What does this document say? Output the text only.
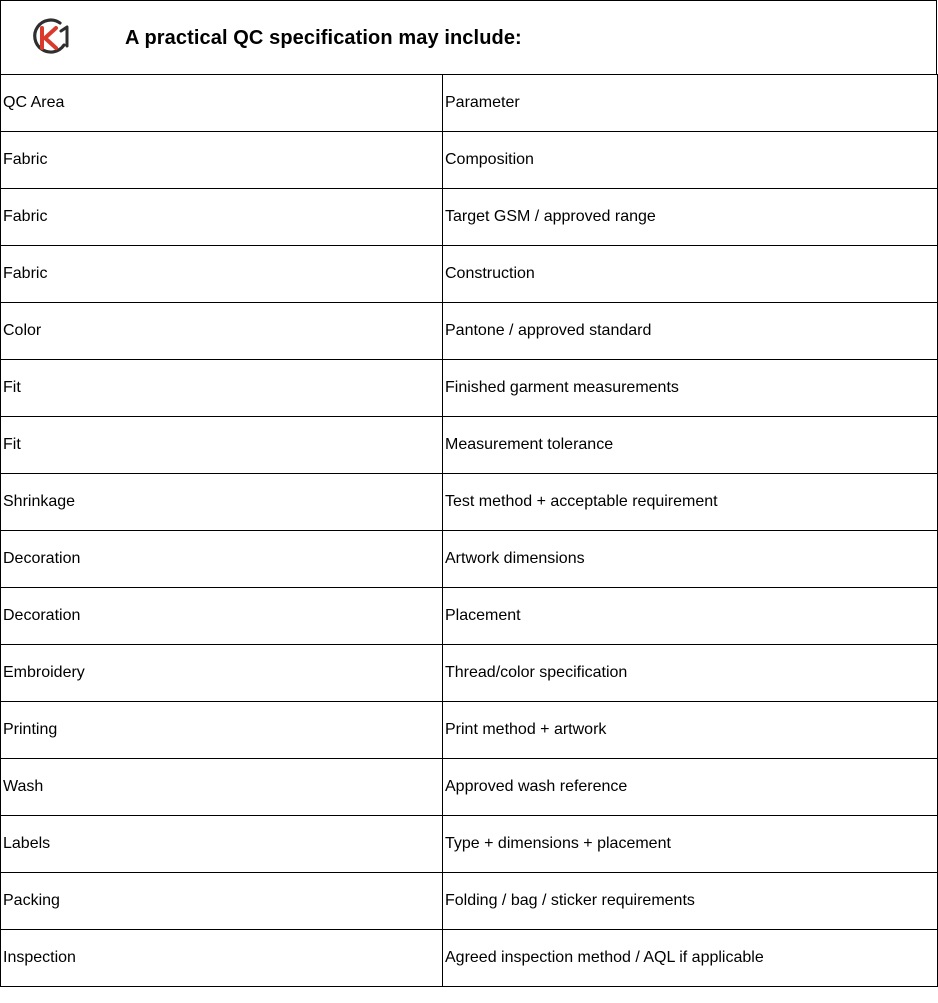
A practical QC specification may include:
QC Area	Parameter
Fabric	Composition
Fabric	Target GSM / approved range
Fabric	Construction
Color	Pantone / approved standard
Fit	Finished garment measurements
Fit	Measurement tolerance
Shrinkage	Test method + acceptable requirement
Decoration	Artwork dimensions
Decoration	Placement
Embroidery	Thread/color specification
Printing	Print method + artwork
Wash	Approved wash reference
Labels	Type + dimensions + placement
Packing	Folding / bag / sticker requirements
Inspection	Agreed inspection method / AQL if applicable
